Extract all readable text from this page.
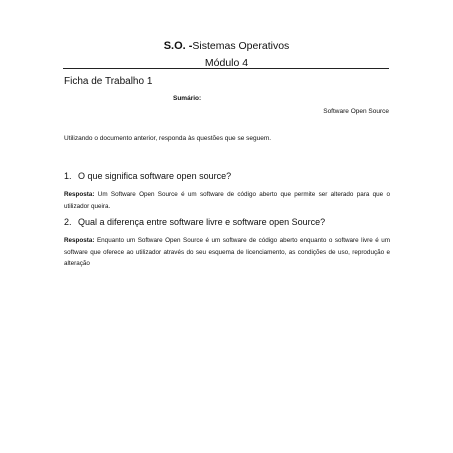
S.O. -Sistemas Operativos
Módulo 4
Ficha de Trabalho 1
Sumário:
Software Open Source
Utilizando o documento anterior, responda às questões que se seguem.
1. O que significa software open source?
Resposta: Um Software Open Source é um software de código aberto que permite ser alterado para que o utilizador queira.
2. Qual a diferença entre software livre e software open Source?
Resposta: Enquanto um Software Open Source é um software de código aberto enquanto o software livre é um software que oferece ao utilizador através do seu esquema de licenciamento, as condições de uso, reprodução e alteração
